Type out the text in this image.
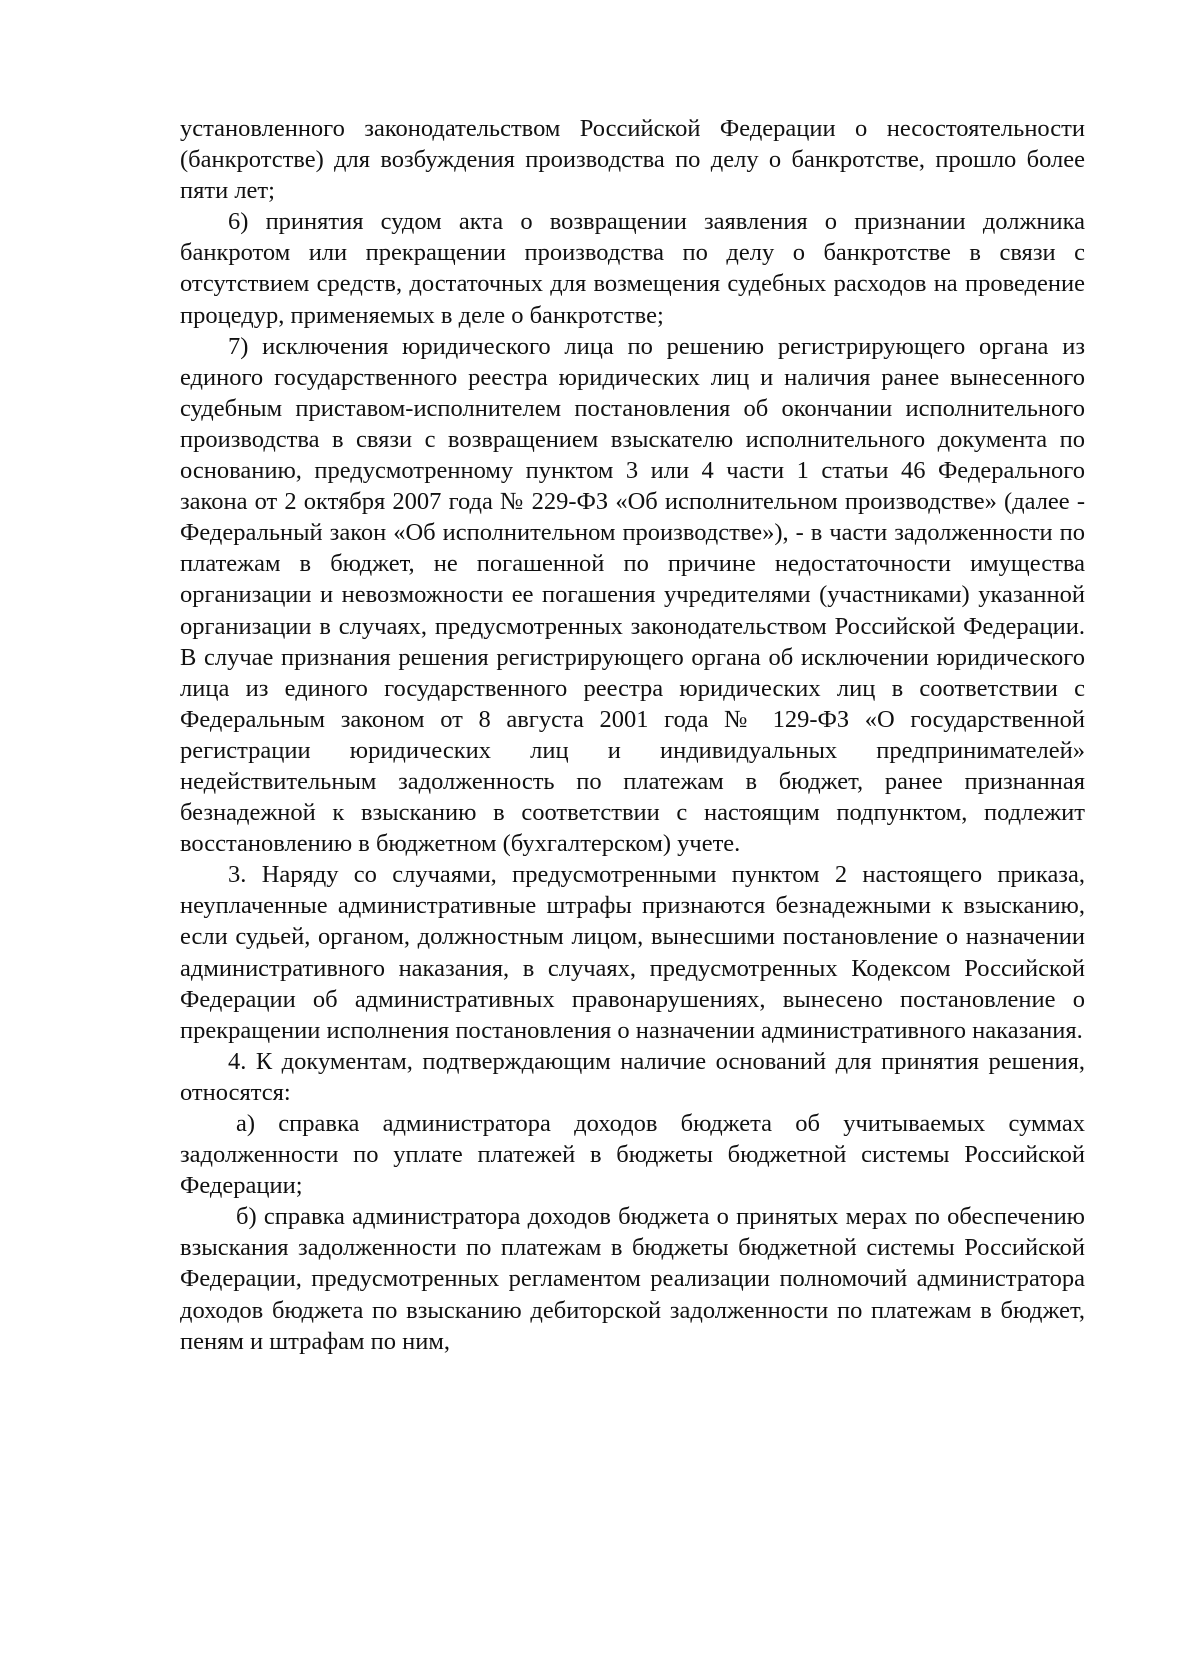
установленного законодательством Российской Федерации о несостоятельности (банкротстве) для возбуждения производства по делу о банкротстве, прошло более пяти лет;

6) принятия судом акта о возвращении заявления о признании должника банкротом или прекращении производства по делу о банкротстве в связи с отсутствием средств, достаточных для возмещения судебных расходов на проведение процедур, применяемых в деле о банкротстве;

7) исключения юридического лица по решению регистрирующего органа из единого государственного реестра юридических лиц и наличия ранее вынесенного судебным приставом-исполнителем постановления об окончании исполнительного производства в связи с возвращением взыскателю исполнительного документа по основанию, предусмотренному пунктом 3 или 4 части 1 статьи 46 Федерального закона от 2 октября 2007 года № 229-ФЗ «Об исполнительном производстве» (далее - Федеральный закон «Об исполнительном производстве»), - в части задолженности по платежам в бюджет, не погашенной по причине недостаточности имущества организации и невозможности ее погашения учредителями (участниками) указанной организации в случаях, предусмотренных законодательством Российской Федерации. В случае признания решения регистрирующего органа об исключении юридического лица из единого государственного реестра юридических лиц в соответствии с Федеральным законом от 8 августа 2001 года № 129-ФЗ «О государственной регистрации юридических лиц и индивидуальных предпринимателей» недействительным задолженность по платежам в бюджет, ранее признанная безнадежной к взысканию в соответствии с настоящим подпунктом, подлежит восстановлению в бюджетном (бухгалтерском) учете.

3. Наряду со случаями, предусмотренными пунктом 2 настоящего приказа, неуплаченные административные штрафы признаются безнадежными к взысканию, если судьей, органом, должностным лицом, вынесшими постановление о назначении административного наказания, в случаях, предусмотренных Кодексом Российской Федерации об административных правонарушениях, вынесено постановление о прекращении исполнения постановления о назначении административного наказания.

4. К документам, подтверждающим наличие оснований для принятия решения, относятся:

а) справка администратора доходов бюджета об учитываемых суммах задолженности по уплате платежей в бюджеты бюджетной системы Российской Федерации;

б) справка администратора доходов бюджета о принятых мерах по обеспечению взыскания задолженности по платежам в бюджеты бюджетной системы Российской Федерации, предусмотренных регламентом реализации полномочий администратора доходов бюджета по взысканию дебиторской задолженности по платежам в бюджет, пеням и штрафам по ним,
